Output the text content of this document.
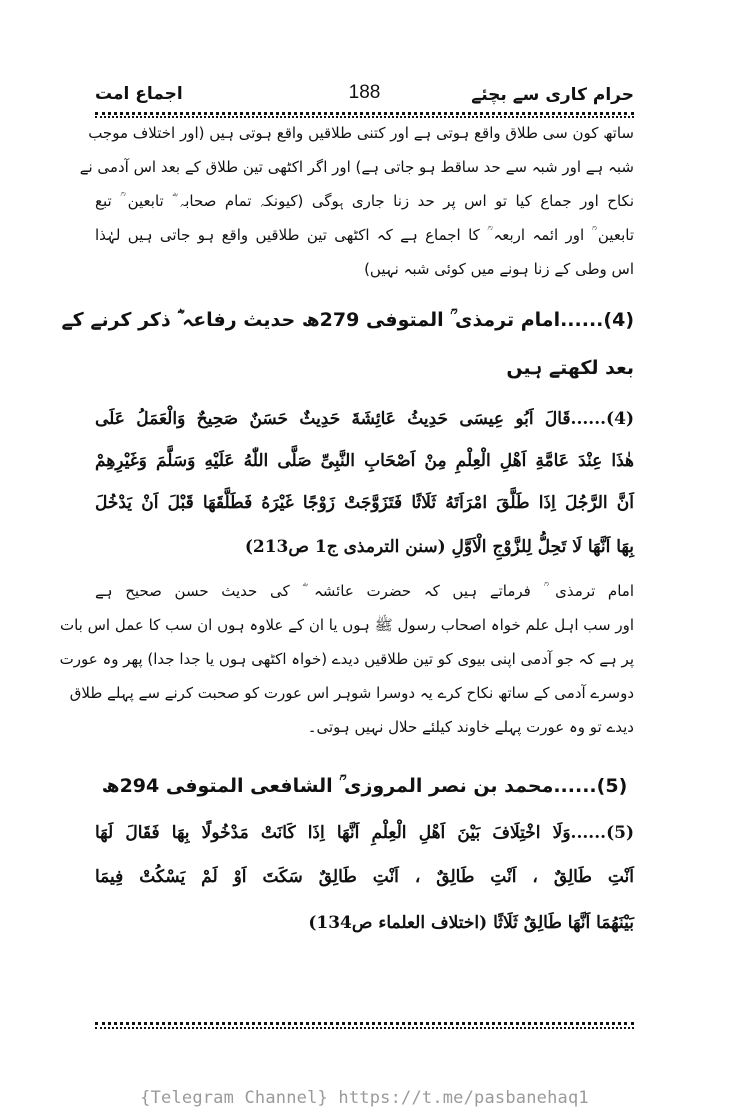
حرام کاری سے بچئے
188
اجماع امت
ساتھ کون سی طلاق واقع ہوتی ہے اور کتنی طلاقیں واقع ہوتی ہیں (اور اختلاف موجب
شبہ ہے اور شبہ سے حد ساقط ہو جاتی ہے) اور اگر اکٹھی تین طلاق کے بعد اس آدمی نے
نکاح اور جماع کیا تو اس پر حد زنا جاری ہوگی (کیونکہ تمام صحابہ ؓ تابعین ؒ تبع
تابعین ؒ اور ائمہ اربعہ ؒ کا اجماع ہے کہ اکٹھی تین طلاقیں واقع ہو جاتی ہیں لہٰذا
اس وطی کے زنا ہونے میں کوئی شبہ نہیں)
(4)......امام ترمذی ؒ المتوفی 279ھ حدیث رفاعہ ؓ ذکر کرنے کے
بعد لکھتے ہیں
(4)......قَالَ اَبُو عِیسَی حَدِیثُ عَائِشَةَ حَدِیثٌ حَسَنٌ صَحِیحٌ وَالْعَمَلُ عَلَی
هٰذَا عِنْدَ عَامَّةِ اَهْلِ الْعِلْمِ مِنْ اَصْحَابِ النَّبِیِّ صَلَّی اللّٰهُ عَلَیْهِ وَسَلَّمَ وَغَیْرِهِمْ
اَنَّ الرَّجُلَ اِذَا طَلَّقَ امْرَاَتَهُ ثَلَاثًا فَتَزَوَّجَتْ زَوْجًا غَیْرَهُ فَطَلَّقَهَا قَبْلَ اَنْ یَدْخُلَ
بِهَا اَنَّهَا لَا تَحِلُّ لِلزَّوْجِ الْاَوَّلِ (سنن الترمذی ج1 ص213)
امام ترمذی ؒ فرماتے ہیں کہ حضرت عائشہ ؓ کی حدیث حسن صحیح ہے
اور سب اہل علم خواہ اصحاب رسول ﷺ ہوں یا ان کے علاوہ ہوں ان سب کا عمل اس بات
پر ہے کہ جو آدمی اپنی بیوی کو تین طلاقیں دیدے (خواہ اکٹھی ہوں یا جدا جدا) پھر وہ عورت
دوسرے آدمی کے ساتھ نکاح کرے یہ دوسرا شوہر اس عورت کو صحبت کرنے سے پہلے طلاق
دیدے تو وہ عورت پہلے خاوند کیلئے حلال نہیں ہوتی۔
(5)......محمد بن نصر المروزی ؒ الشافعی المتوفی 294ھ
(5)......وَلَا اخْتِلَافَ بَیْنَ اَهْلِ الْعِلْمِ اَنَّهَا اِذَا کَانَتْ مَدْخُولًا بِهَا فَقَالَ لَهَا
اَنْتِ طَالِقٌ ، اَنْتِ طَالِقٌ ، اَنْتِ طَالِقٌ سَکَتَ اَوْ لَمْ یَسْکُتْ فِیمَا
بَیْنَهُمَا اَنَّهَا طَالِقٌ ثَلَاثًا (اختلاف العلماء ص134)
{Telegram Channel} https://t.me/pasbanehaq1
